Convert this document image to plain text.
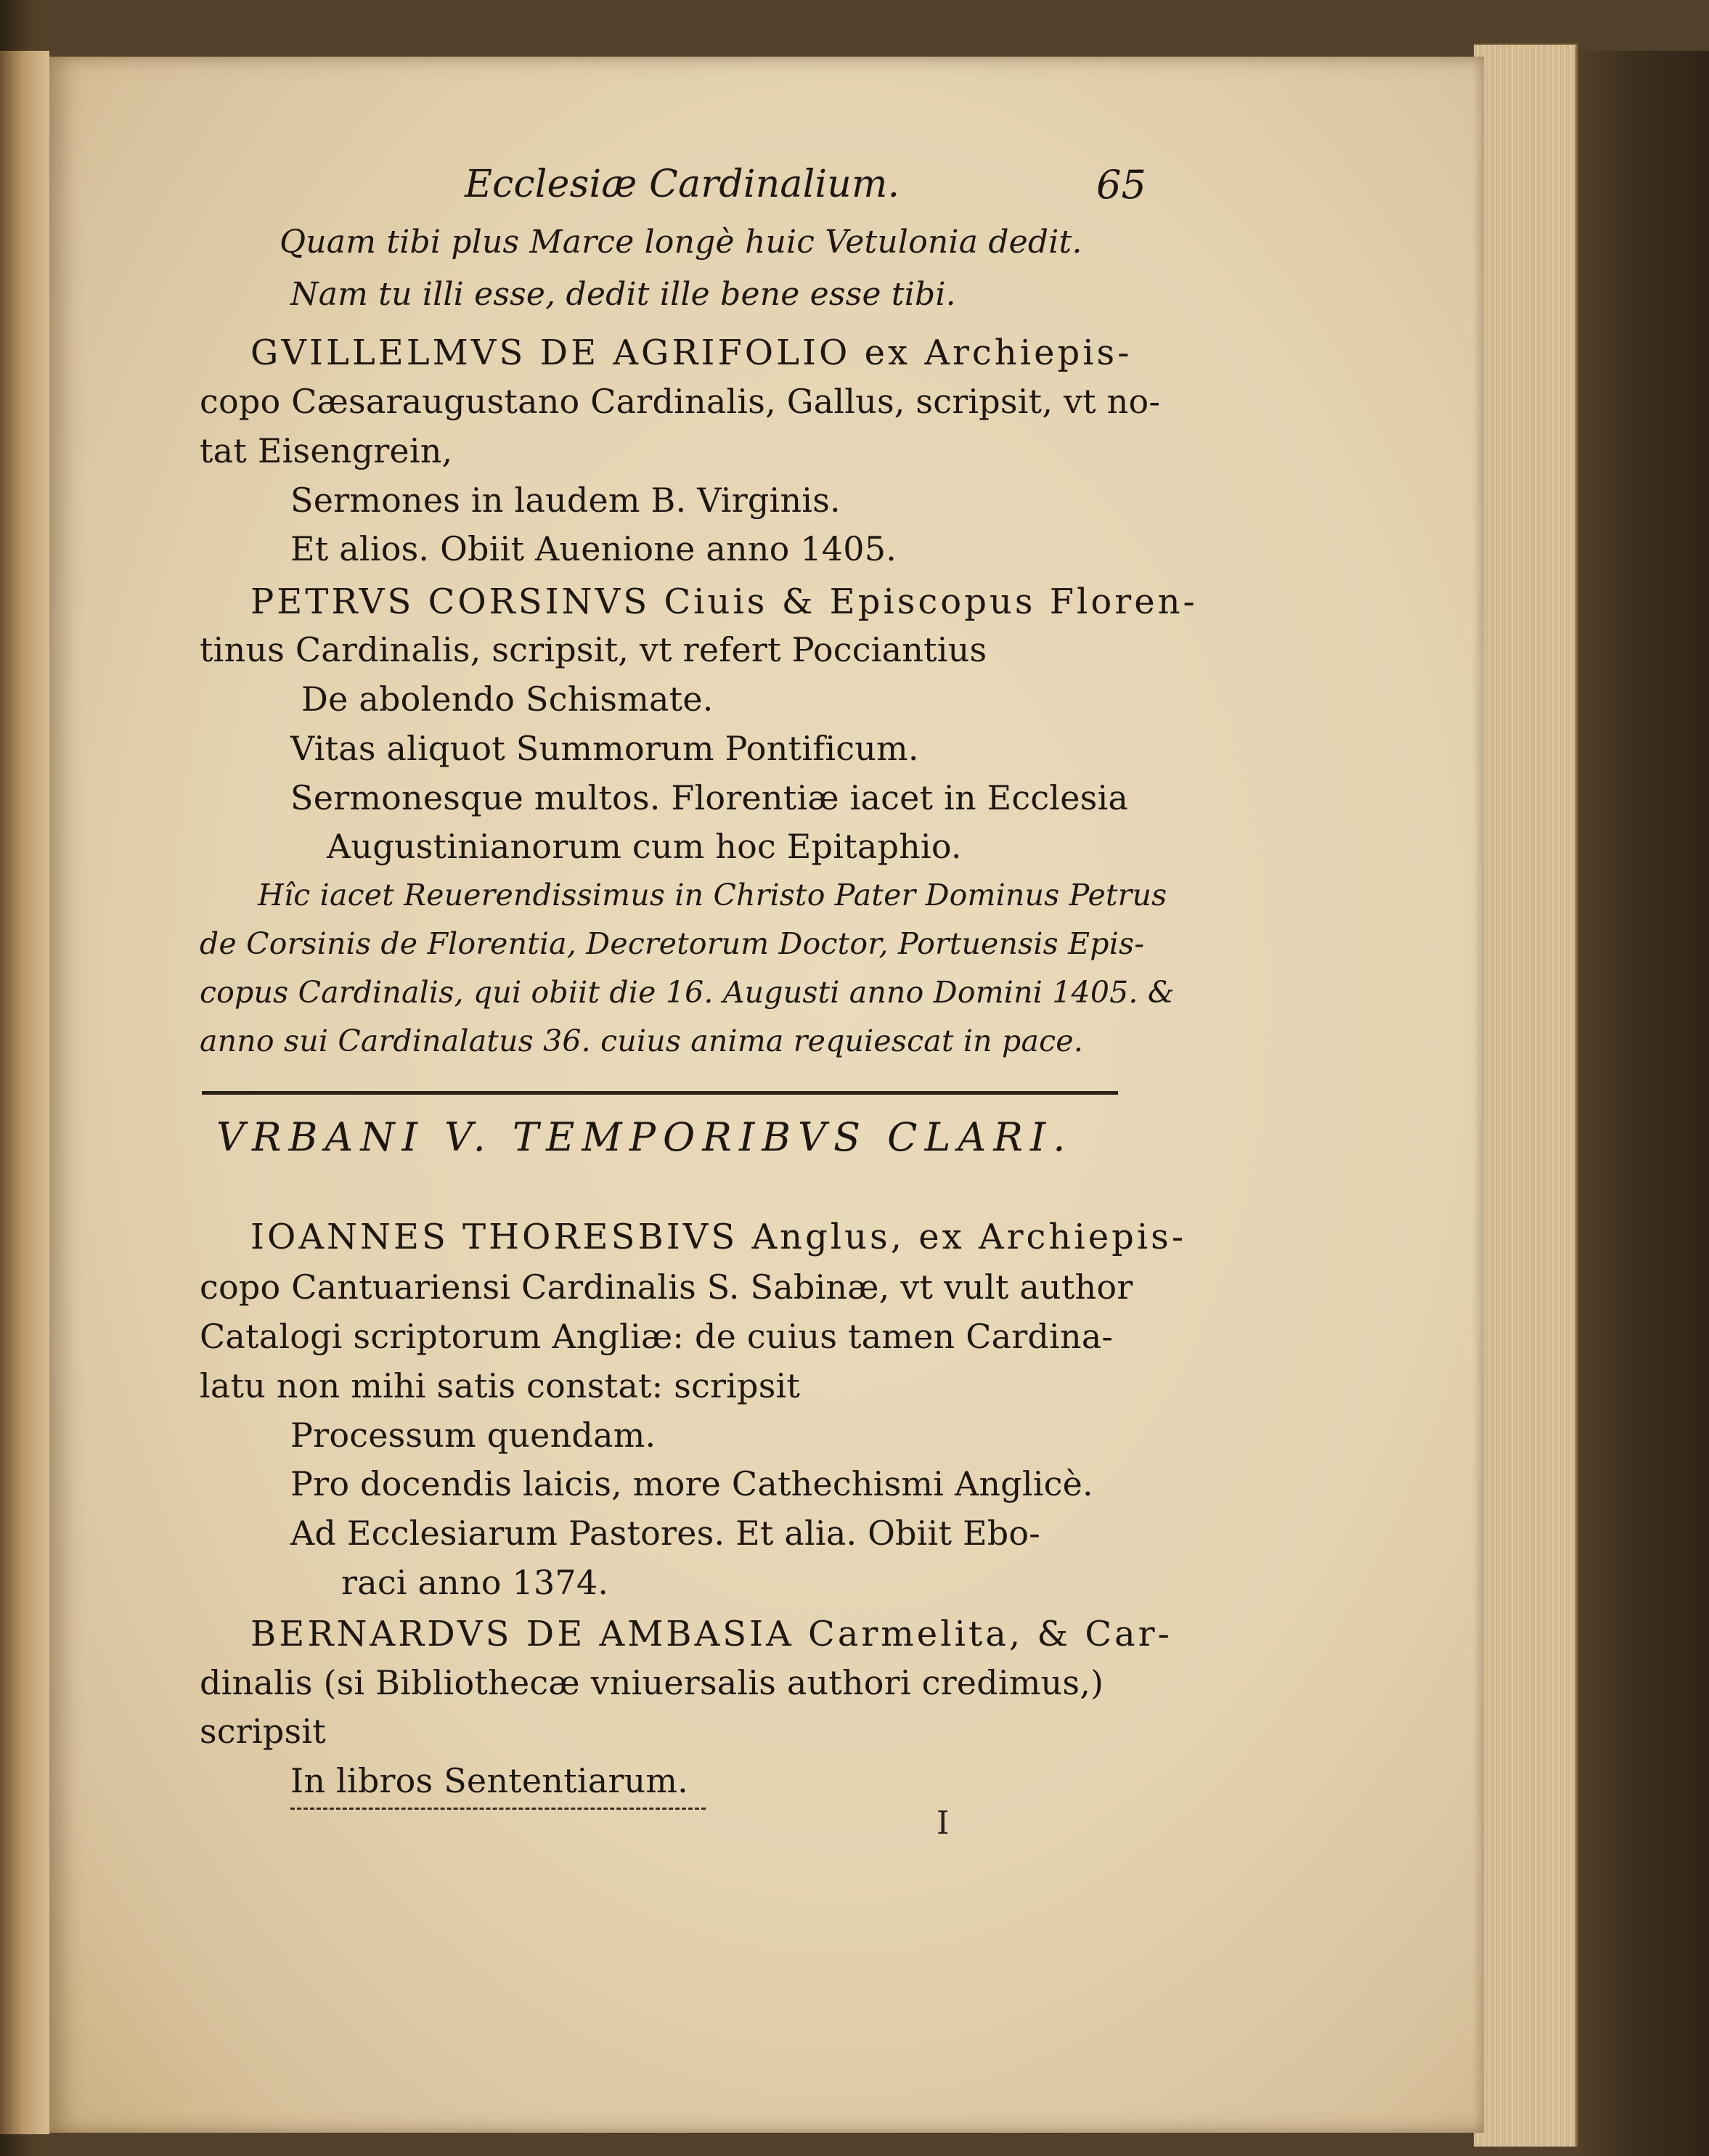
Ecclesiæ Cardinalium.	65
Quam tibi plus Marce longè huic Vetulonia dedit.
Nam tu illi esse, dedit ille bene esse tibi.
GVILLELMVS DE AGRIFOLIO ex Archiepis-
copo Cæsaraugustano Cardinalis, Gallus, scripsit, vt no-
tat Eisengrein,
Sermones in laudem B. Virginis.
Et alios. Obiit Auenione anno 1405.
PETRVS CORSINVS Ciuis & Episcopus Floren-
tinus Cardinalis, scripsit, vt refert Pocciantius
De abolendo Schismate.
Vitas aliquot Summorum Pontificum.
Sermonesque multos. Florentiæ iacet in Ecclesia
Augustinianorum cum hoc Epitaphio.
Hîc iacet Reuerendissimus in Christo Pater Dominus Petrus
de Corsinis de Florentia, Decretorum Doctor, Portuensis Epis-
copus Cardinalis, qui obiit die 16. Augusti anno Domini 1405. &
anno sui Cardinalatus 36. cuius anima requiescat in pace.
VRBANI V. TEMPORIBVS CLARI.
IOANNES THORESBIVS Anglus, ex Archiepis-
copo Cantuariensi Cardinalis S. Sabinæ, vt vult author
Catalogi scriptorum Angliæ: de cuius tamen Cardina-
latu non mihi satis constat: scripsit
Processum quendam.
Pro docendis laicis, more Cathechismi Anglicè.
Ad Ecclesiarum Pastores. Et alia. Obiit Ebo-
raci anno 1374.
BERNARDVS DE AMBASIA Carmelita, & Car-
dinalis (si Bibliothecæ vniuersalis authori credimus,)
scripsit
In libros Sententiarum.
I
